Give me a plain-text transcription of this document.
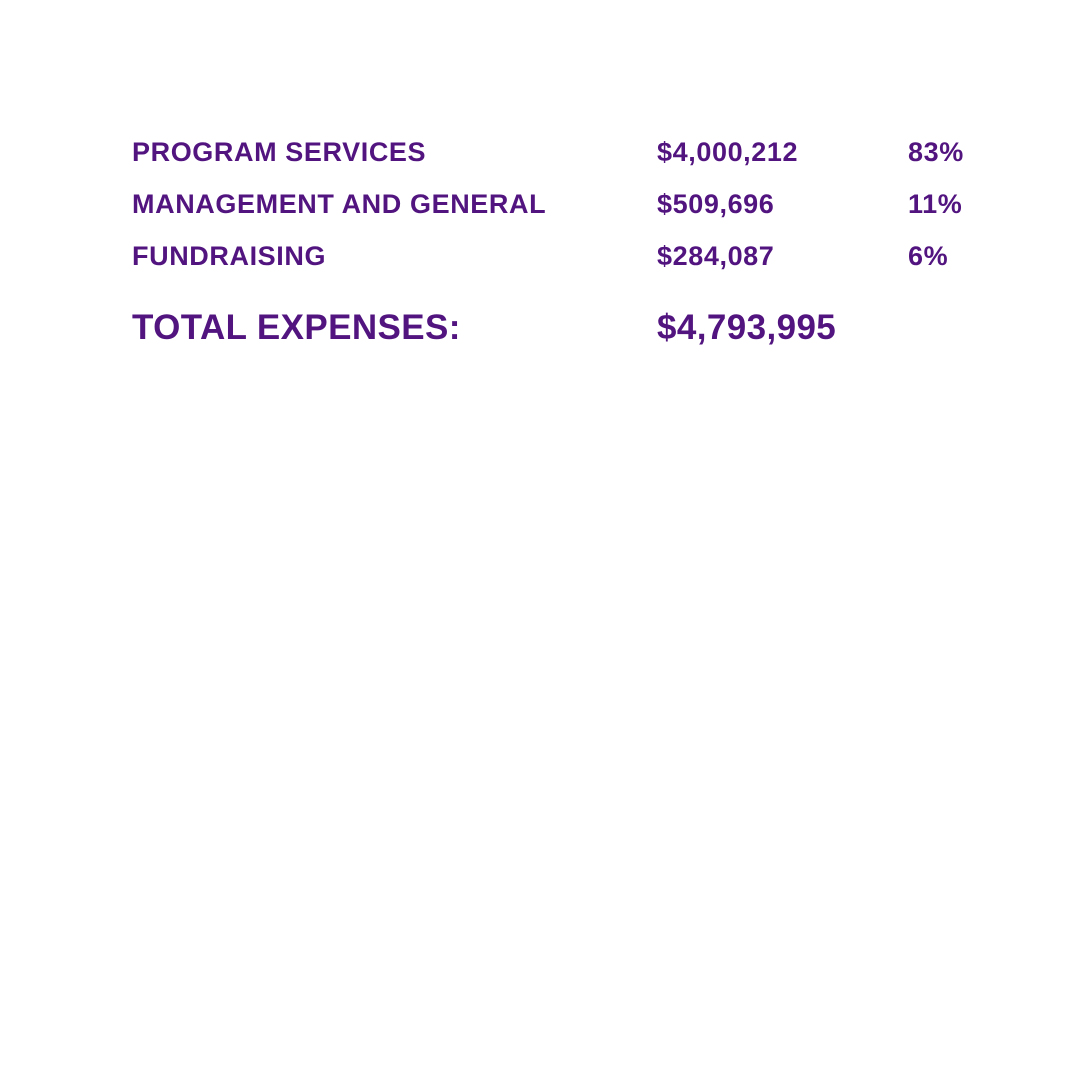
PROGRAM SERVICES	$4,000,212	83%
MANAGEMENT AND GENERAL	$509,696	11%
FUNDRAISING	$284,087	6%
TOTAL EXPENSES:	$4,793,995
